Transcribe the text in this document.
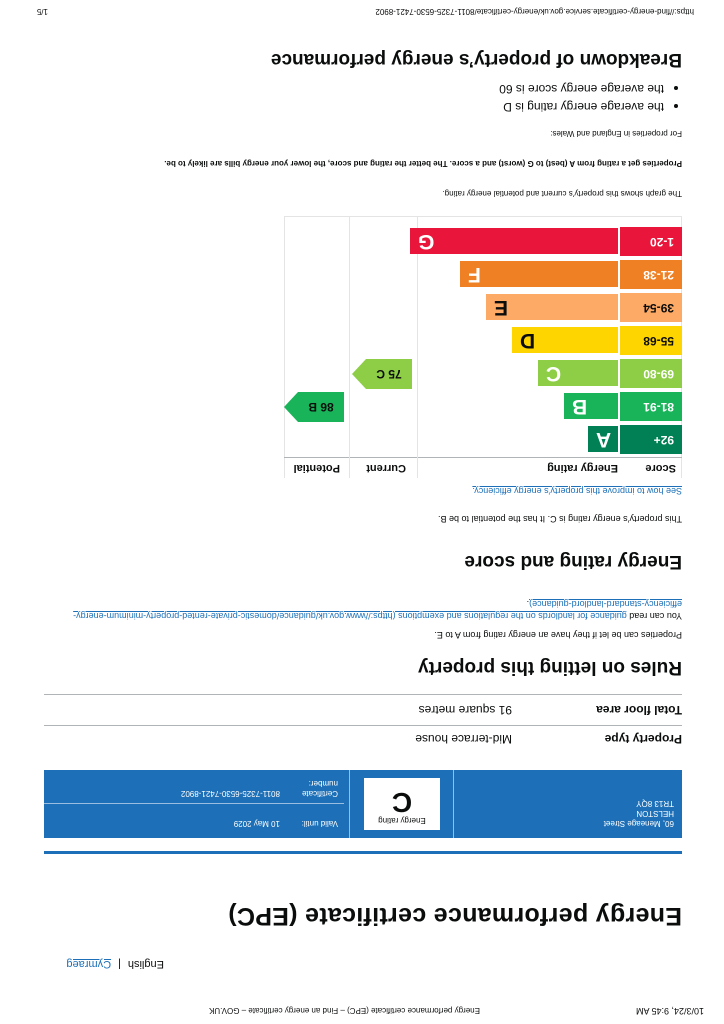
10/3/24, 9:45 AM
Energy performance certificate (EPC) – Find an energy certificate – GOV.UK
English|Cymraeg
Energy performance certificate (EPC)
60, Meneage Street
HELSTON
TR13 8QY
Energy rating
C
Valid until:
10 May 2029
Certificate number:
8011-7325-6530-7421-8902
Property type	Mid-terrace house
Total floor area	91 square metres
Rules on letting this property
Properties can be let if they have an energy rating from A to E.
You can read guidance for landlords on the regulations and exemptions (https://www.gov.uk/guidance/domestic-private-rented-property-minimum-energy-efficiency-standard-landlord-guidance).
Energy rating and score
This property’s energy rating is C. It has the potential to be B.
See how to improve this property’s energy efficiency.
Score
Energy rating
Current
Potential
92+
A
81-91
B
69-80
C
55-68
D
39-54
E
21-38
F
1-20
G
75 C
86 B
The graph shows this property’s current and potential energy rating.
Properties get a rating from A (best) to G (worst) and a score. The better the rating and score, the lower your energy bills are likely to be.
For properties in England and Wales:
• the average energy rating is D
• the average energy score is 60
Breakdown of property’s energy performance
https://find-energy-certificate.service.gov.uk/energy-certificate/8011-7325-6530-7421-8902
1/5
